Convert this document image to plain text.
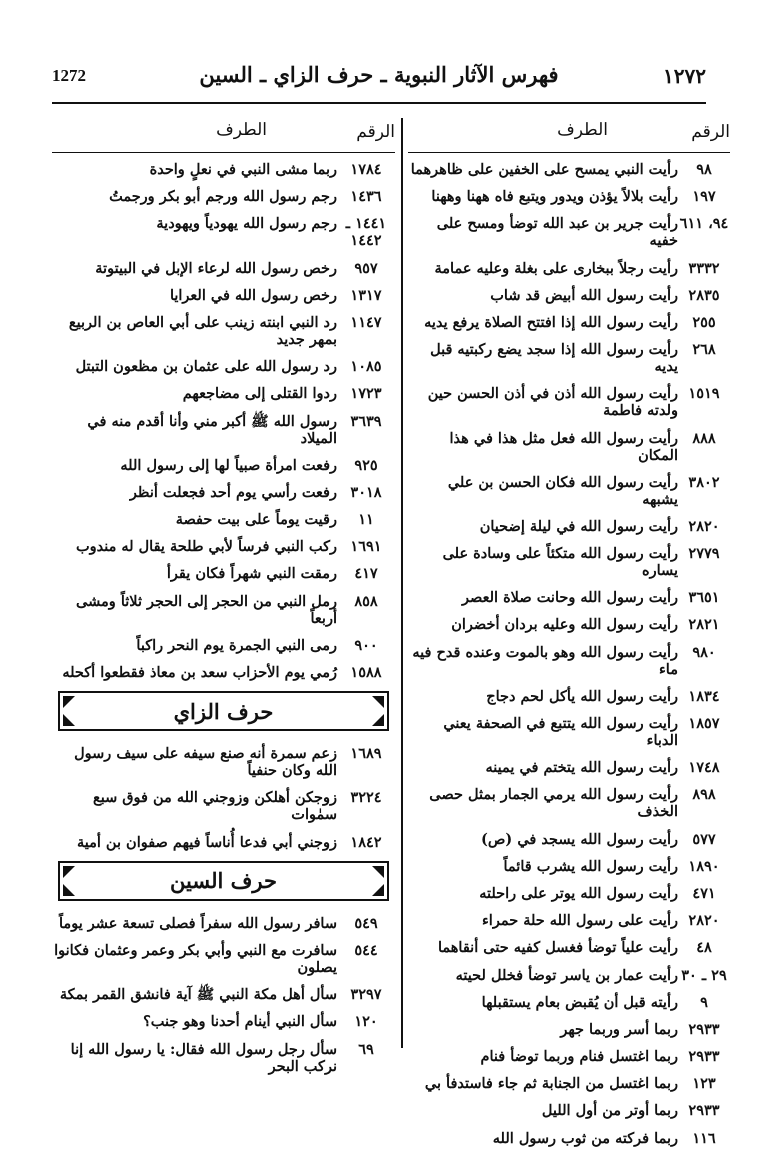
١٢٧٢
فهرس الآثار النبوية ـ حرف الزاي ـ السين
1272
الرقم
الطرف
٩٨
رأيت النبي يمسح على الخفين على ظاهرهما
١٩٧
رأيت بلالاً يؤذن ويدور ويتبع فاه ههنا وههنا
٩٤، ٦١١
رأيت جرير بن عبد الله توضأ ومسح على خفيه
٣٣٣٢
رأيت رجلاً ببخارى على بغلة وعليه عمامة
٢٨٣٥
رأيت رسول الله أبيض قد شاب
٢٥٥
رأيت رسول الله إذا افتتح الصلاة يرفع يديه
٢٦٨
رأيت رسول الله إذا سجد يضع ركبتيه قبل يديه
١٥١٩
رأيت رسول الله أذن في أذن الحسن حين ولدته فاطمة
٨٨٨
رأيت رسول الله فعل مثل هذا في هذا المكان
٣٨٠٢
رأيت رسول الله فكان الحسن بن علي يشبهه
٢٨٢٠
رأيت رسول الله في ليلة إضحيان
٢٧٧٩
رأيت رسول الله متكئاً على وسادة على يساره
٣٦٥١
رأيت رسول الله وحانت صلاة العصر
٢٨٢١
رأيت رسول الله وعليه بردان أخضران
٩٨٠
رأيت رسول الله وهو بالموت وعنده قدح فيه ماء
١٨٣٤
رأيت رسول الله يأكل لحم دجاج
١٨٥٧
رأيت رسول الله يتتبع في الصحفة يعني الدباء
١٧٤٨
رأيت رسول الله يتختم في يمينه
٨٩٨
رأيت رسول الله يرمي الجمار بمثل حصى الخذف
٥٧٧
رأيت رسول الله يسجد في (ص)
١٨٩٠
رأيت رسول الله يشرب قائماً
٤٧١
رأيت رسول الله يوتر على راحلته
٢٨٢٠
رأيت على رسول الله حلة حمراء
٤٨
رأيت علياً توضأ فغسل كفيه حتى أنقاهما
٢٩ ـ ٣٠
رأيت عمار بن ياسر توضأ فخلل لحيته
٩
رأيته قبل أن يُقبض بعام يستقبلها
٢٩٣٣
ربما أسر وربما جهر
٢٩٣٣
ربما اغتسل فنام وربما توضأ فنام
١٢٣
ربما اغتسل من الجنابة ثم جاء فاستدفأ بي
٢٩٣٣
ربما أوتر من أول الليل
١١٦
ربما فركته من ثوب رسول الله
الرقم
الطرف
١٧٨٤
ربما مشى النبي في نعلٍ واحدة
١٤٣٦
رجم رسول الله ورجم أبو بكر ورجمتُ
١٤٤١ ـ ١٤٤٢
رجم رسول الله يهودياً ويهودية
٩٥٧
رخص رسول الله لرعاء الإبل في البيتوتة
١٣١٧
رخص رسول الله في العرايا
١١٤٧
رد النبي ابنته زينب على أبي العاص بن الربيع بمهر جديد
١٠٨٥
رد رسول الله على عثمان بن مظعون التبتل
١٧٢٣
ردوا القتلى إلى مضاجعهم
٣٦٣٩
رسول الله ﷺ أكبر مني وأنا أقدم منه في الميلاد
٩٢٥
رفعت امرأة صبياً لها إلى رسول الله
٣٠١٨
رفعت رأسي يوم أحد فجعلت أنظر
١١
رقيت يوماً على بيت حفصة
١٦٩١
ركب النبي فرساً لأبي طلحة يقال له مندوب
٤١٧
رمقت النبي شهراً فكان يقرأ
٨٥٨
رمل النبي من الحجر إلى الحجر ثلاثاً ومشى أربعاً
٩٠٠
رمى النبي الجمرة يوم النحر راكباً
١٥٨٨
رُمي يوم الأحزاب سعد بن معاذ فقطعوا أكحله
حرف الزاي
١٦٨٩
زعم سمرة أنه صنع سيفه على سيف رسول الله وكان حنفياً
٣٢٢٤
زوجكن أهلكن وزوجني الله من فوق سبع سمٰوات
١٨٤٢
زوجني أبي فدعا أُناساً فيهم صفوان بن أمية
حرف السين
٥٤٩
سافر رسول الله سفراً فصلى تسعة عشر يوماً
٥٤٤
سافرت مع النبي وأبي بكر وعمر وعثمان فكانوا يصلون
٣٢٩٧
سأل أهل مكة النبي ﷺ آية فانشق القمر بمكة
١٢٠
سأل النبي أينام أحدنا وهو جنب؟
٦٩
سأل رجل رسول الله فقال: يا رسول الله إنا نركب البحر
